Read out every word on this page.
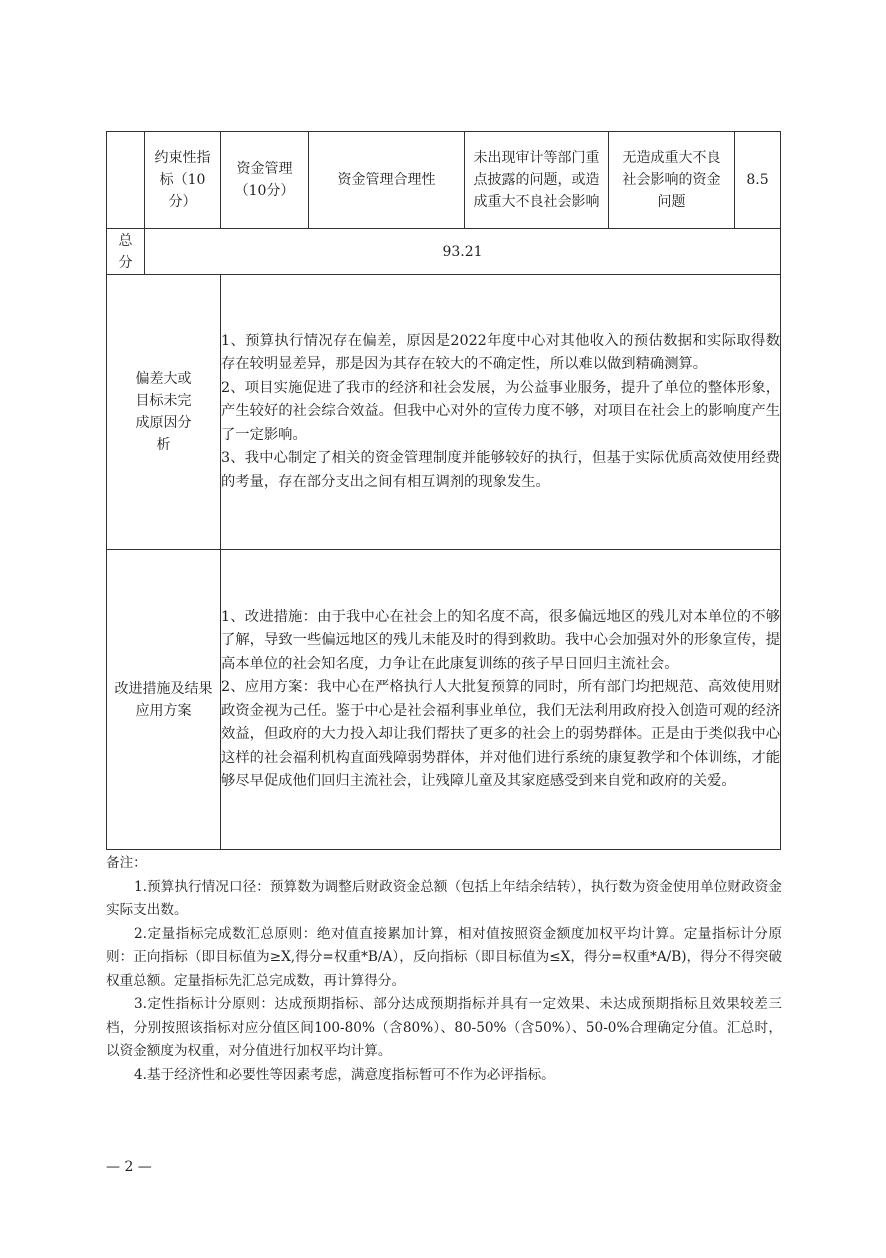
	约束性指标（10分）	资金管理（10分）	资金管理合理性	未出现审计等部门重点披露的问题，或造成重大不良社会影响	无造成重大不良社会影响的资金问题	8.5
总分	93.21					
偏差大或目标未完成原因分析		1、预算执行情况存在偏差，原因是2022年度中心对其他收入的预估数据和实际取得数存在较明显差异，那是因为其存在较大的不确定性，所以难以做到精确测算。

2、项目实施促进了我市的经济和社会发展，为公益事业服务，提升了单位的整体形象，产生较好的社会综合效益。但我中心对外的宣传力度不够，对项目在社会上的影响度产生了一定影响。

3、我中心制定了相关的资金管理制度并能够较好的执行，但基于实际优质高效使用经费的考量，存在部分支出之间有相互调剂的现象发生。				

改进措施及结果应用方案		1、改进措施：由于我中心在社会上的知名度不高，很多偏远地区的残儿对本单位的不够了解，导致一些偏远地区的残儿未能及时的得到救助。我中心会加强对外的形象宣传，提高本单位的社会知名度，力争让在此康复训练的孩子早日回归主流社会。

2、应用方案：我中心在严格执行人大批复预算的同时，所有部门均把规范、高效使用财政资金视为己任。鉴于中心是社会福利事业单位，我们无法利用政府投入创造可观的经济效益，但政府的大力投入却让我们帮扶了更多的社会上的弱势群体。正是由于类似我中心这样的社会福利机构直面残障弱势群体，并对他们进行系统的康复教学和个体训练，才能够尽早促成他们回归主流社会，让残障儿童及其家庭感受到来自党和政府的关爱。				

备注：

1.预算执行情况口径：预算数为调整后财政资金总额（包括上年结余结转），执行数为资金使用单位财政资金实际支出数。

2.定量指标完成数汇总原则：绝对值直接累加计算，相对值按照资金额度加权平均计算。定量指标计分原则：正向指标（即目标值为≥X,得分=权重*B/A），反向指标（即目标值为≤X，得分=权重*A/B)，得分不得突破权重总额。定量指标先汇总完成数，再计算得分。

3.定性指标计分原则：达成预期指标、部分达成预期指标并具有一定效果、未达成预期指标且效果较差三档，分别按照该指标对应分值区间100-80%（含80%）、80-50%（含50%）、50-0%合理确定分值。汇总时，以资金额度为权重，对分值进行加权平均计算。

4.基于经济性和必要性等因素考虑，满意度指标暂可不作为必评指标。

— 2 —
